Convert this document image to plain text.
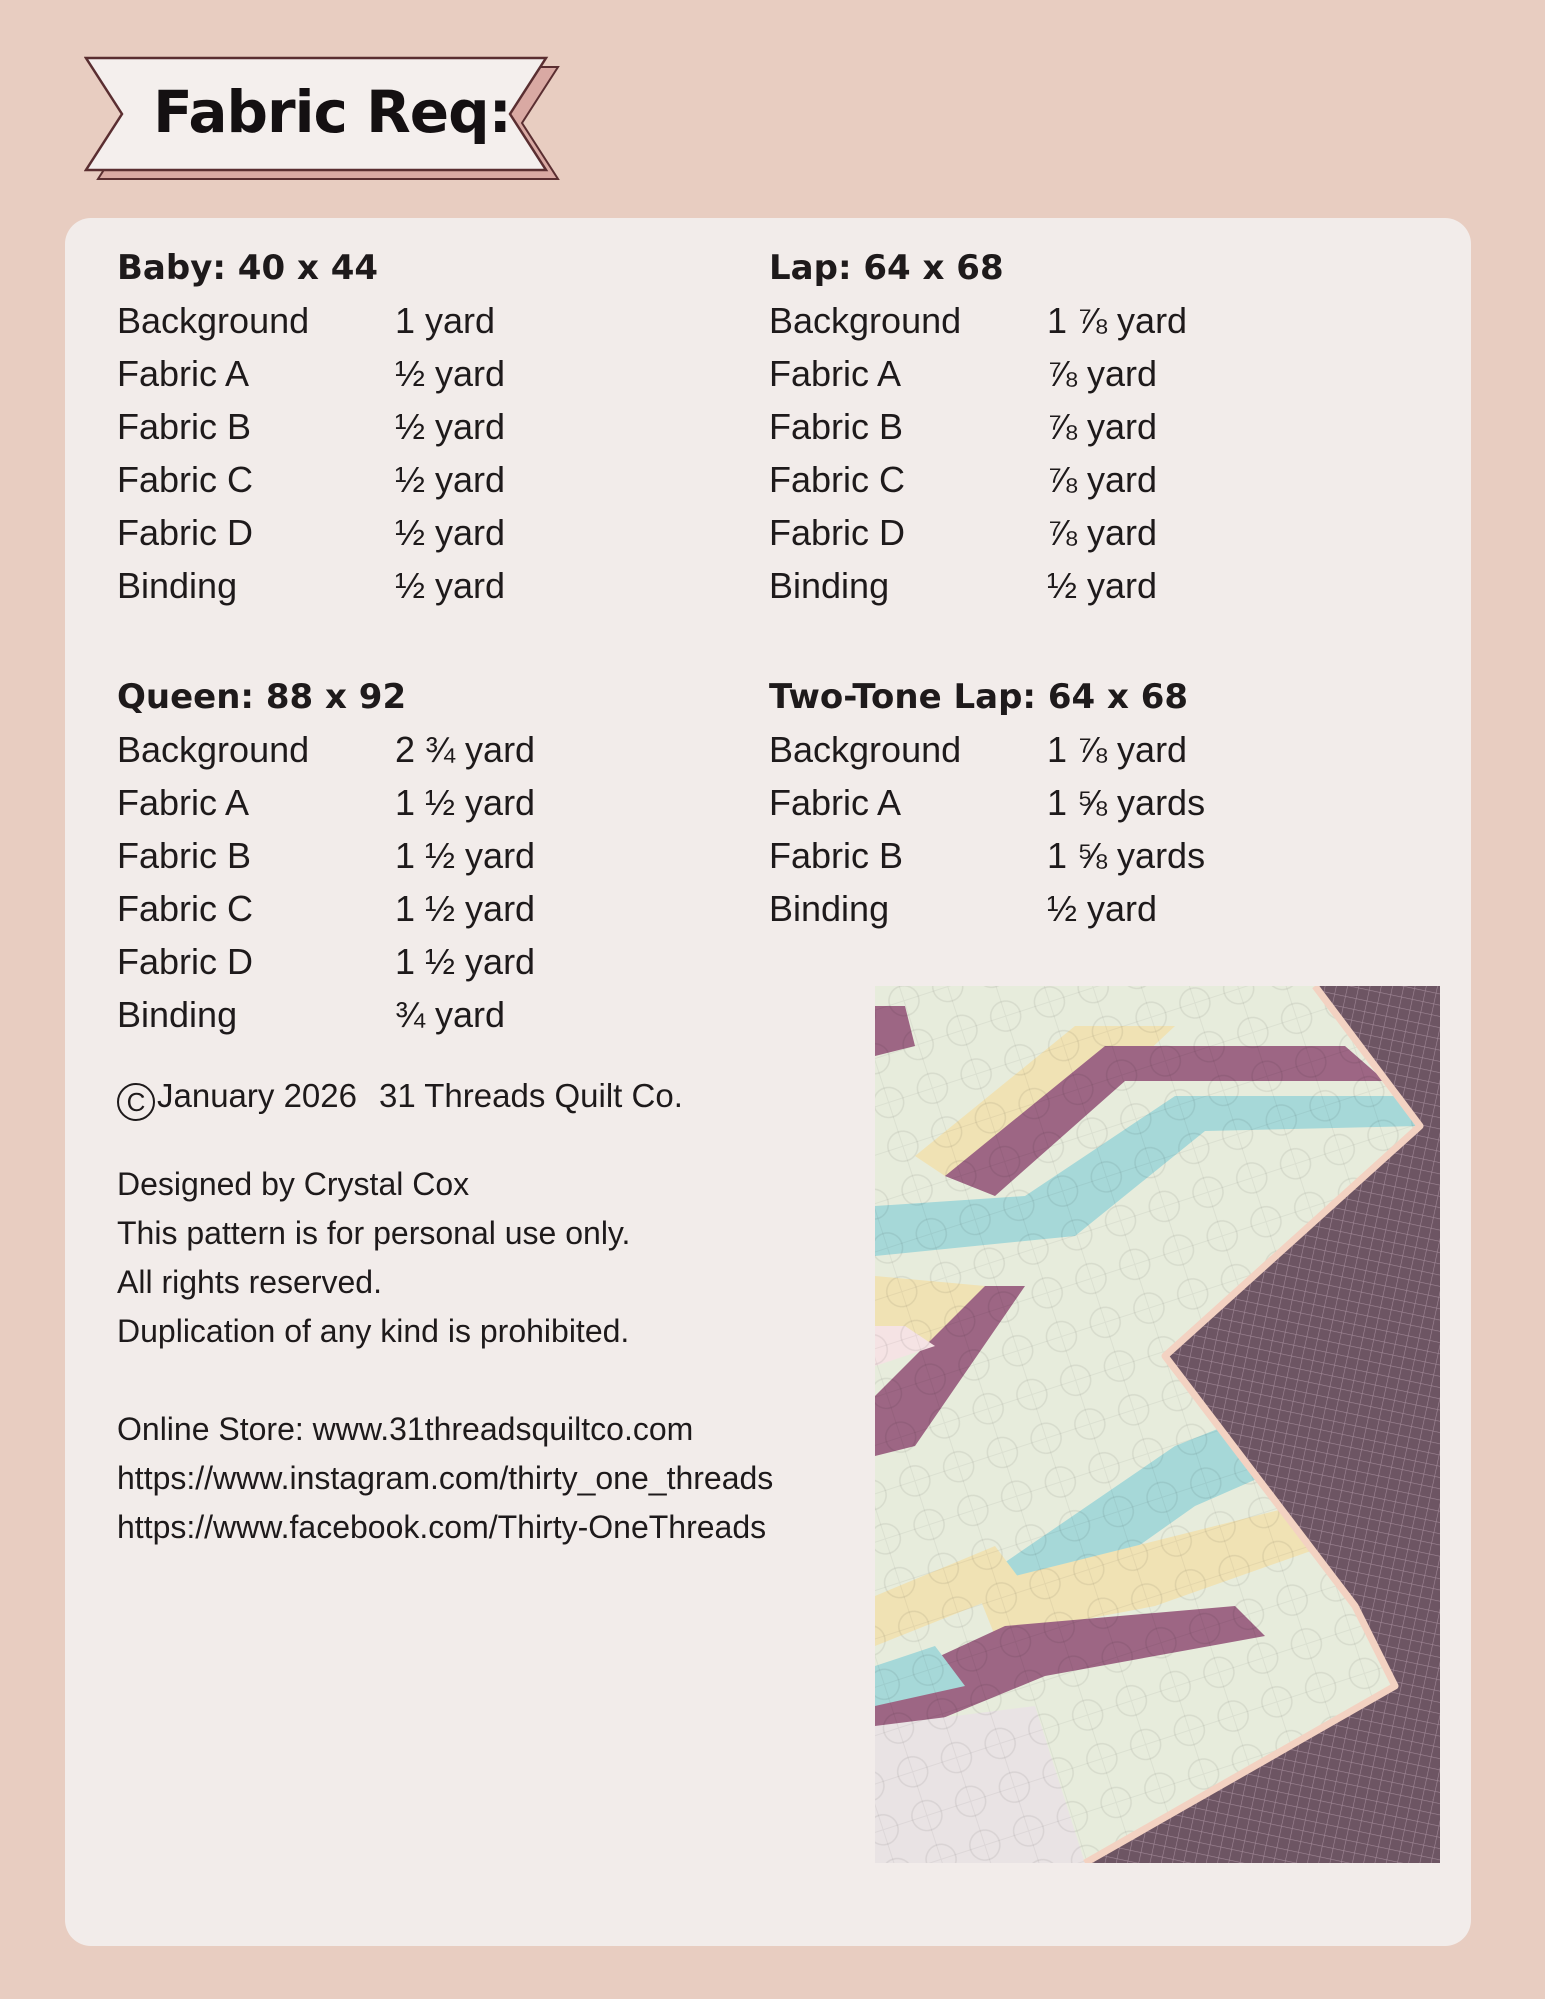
Fabric Req:
Baby: 40 x 44
Background 1 yard
Fabric A	½ yard
Fabric B	½ yard
Fabric C	½ yard
Fabric D	½ yard
Binding	½ yard
Lap: 64 x 68
Background 1 ⅞ yard
Fabric A	⅞ yard
Fabric B	⅞ yard
Fabric C	⅞ yard
Fabric D	⅞ yard
Binding	½ yard
Queen: 88 x 92
Background 2 ¾ yard
Fabric A	1 ½ yard
Fabric B	1 ½ yard
Fabric C	1 ½ yard
Fabric D	1 ½ yard
Binding	¾ yard
Two-Tone Lap: 64 x 68
Background 1 ⅞ yard
Fabric A	1 ⅝ yards
Fabric B	1 ⅝ yards
Binding	½ yard
C January 2026 31 Threads Quilt Co.
Designed by Crystal Cox
This pattern is for personal use only.
All rights reserved.
Duplication of any kind is prohibited.
Online Store: www.31threadsquiltco.com
https://www.instagram.com/thirty_one_threads
https://www.facebook.com/Thirty-OneThreads
